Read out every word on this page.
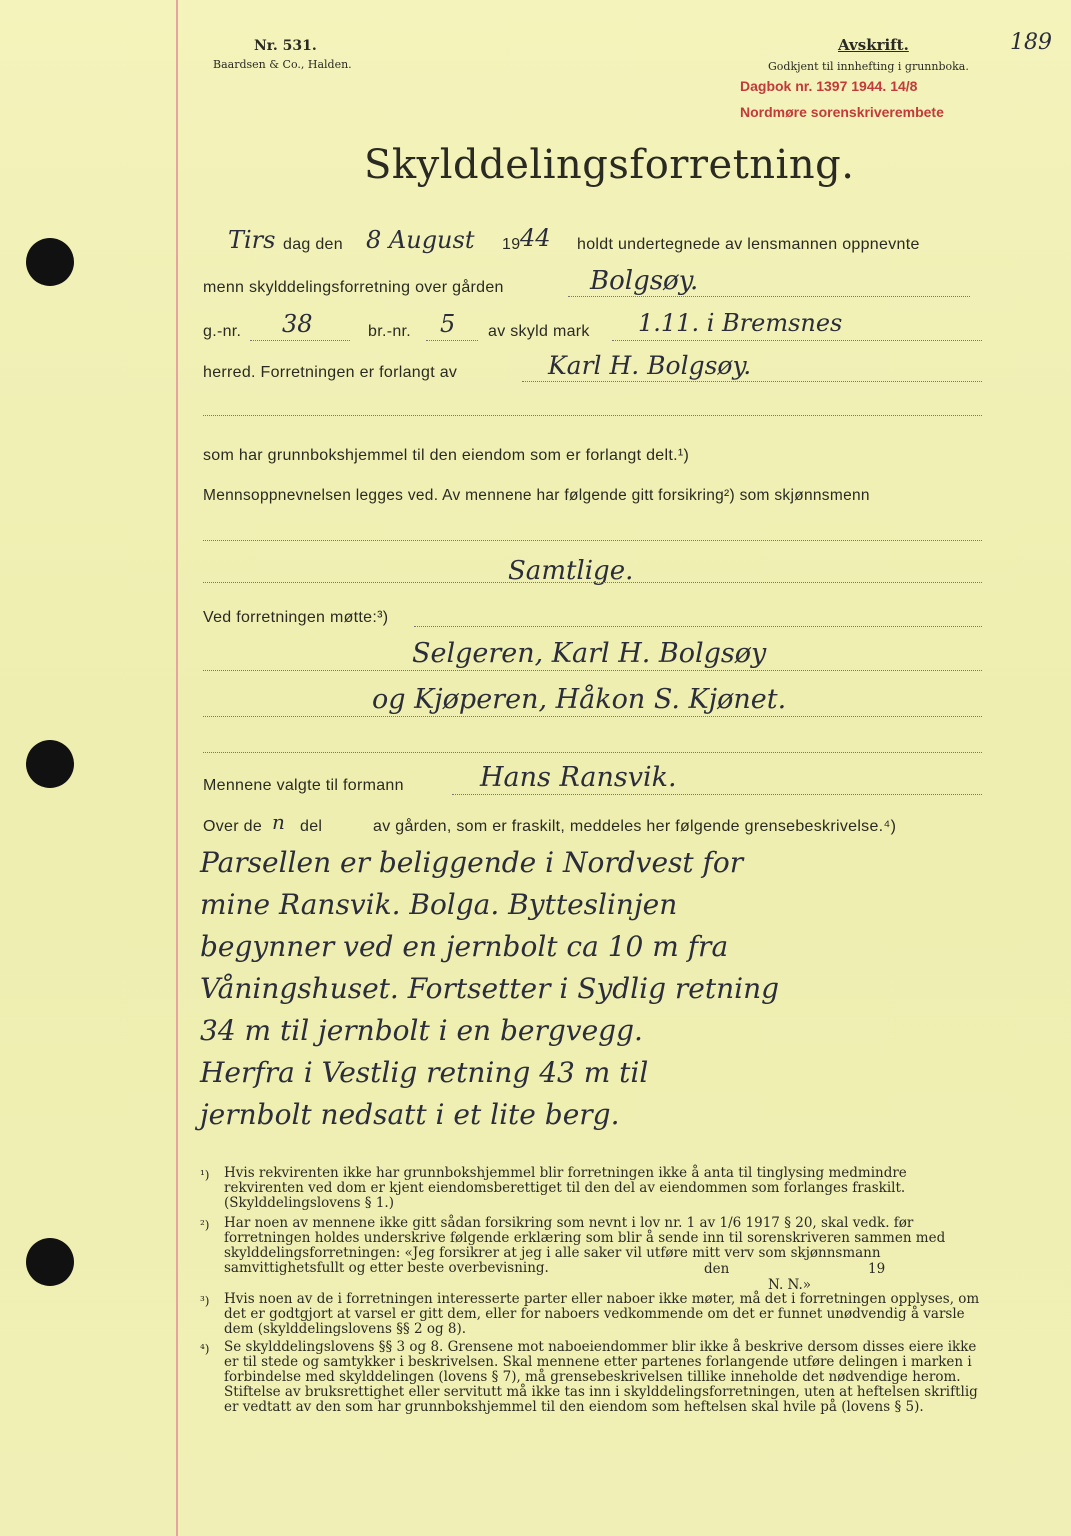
Nr. 531.
Baardsen & Co., Halden.
Avskrift.
Godkjent til innhefting i grunnboka.
Dagbok nr. 1397 1944. 14/8
Nordmøre sorenskriverembete
189
Skylddelingsforretning.
Tirs dag den 8 August 19 44 holdt undertegnede av lensmannen oppnevnte
menn skylddelingsforretning over gården	Bolgsøy.
g.-nr. 38	br.-nr. 5 av skyld mark 1.11. i Bremsnes
herred. Forretningen er forlangt av	Karl H. Bolgsøy.
som har grunnbokshjemmel til den eiendom som er forlangt delt.¹)
Mennsoppnevnelsen legges ved. Av mennene har følgende gitt forsikring²) som skjønnsmenn
Samtlige.
Ved forretningen møtte:³)
Selgeren, Karl H. Bolgsøy
og Kjøperen, Håkon S. Kjønet.
Mennene valgte til formann	Hans Ransvik.
Over de n del	av gården, som er fraskilt, meddeles her følgende grensebeskrivelse.⁴)
Parsellen er beliggende i Nordvest for
mine Ransvik. Bolga. Bytteslinjen
begynner ved en jernbolt ca 10 m fra
Våningshuset. Fortsetter i Sydlig retning
34 m til jernbolt i en bergvegg.
Herfra i Vestlig retning 43 m til
jernbolt nedsatt i et lite berg.
¹) Hvis rekvirenten ikke har grunnbokshjemmel blir forretningen ikke å anta til tinglysing medmindre rekvirenten ved dom er kjent eiendomsberettiget til den del av eiendommen som forlanges fraskilt. (Skylddelingslovens § 1.)
²) Har noen av mennene ikke gitt sådan forsikring som nevnt i lov nr. 1 av 1/6 1917 § 20, skal vedk. før forretningen holdes underskrive følgende erklæring som blir å sende inn til sorenskriveren sammen med skylddelingsforretningen: «Jeg forsikrer at jeg i alle saker vil utføre mitt verv som skjønnsmann samvittighetsfullt og etter beste overbevisning.	den	19
N. N.»
³) Hvis noen av de i forretningen interesserte parter eller naboer ikke møter, må det i forretningen opplyses, om det er godtgjort at varsel er gitt dem, eller for naboers vedkommende om det er funnet unødvendig å varsle dem (skylddelingslovens §§ 2 og 8).
⁴) Se skylddelingslovens §§ 3 og 8. Grensene mot naboeiendommer blir ikke å beskrive dersom disses eiere ikke er til stede og samtykker i beskrivelsen. Skal mennene etter partenes forlangende utføre delingen i marken i forbindelse med skylddelingen (lovens § 7), må grensebeskrivelsen tillike inneholde det nødvendige herom. Stiftelse av bruksrettighet eller servitutt må ikke tas inn i skylddelingsforretningen, uten at heftelsen skriftlig er vedtatt av den som har grunnbokshjemmel til den eiendom som heftelsen skal hvile på (lovens § 5).
